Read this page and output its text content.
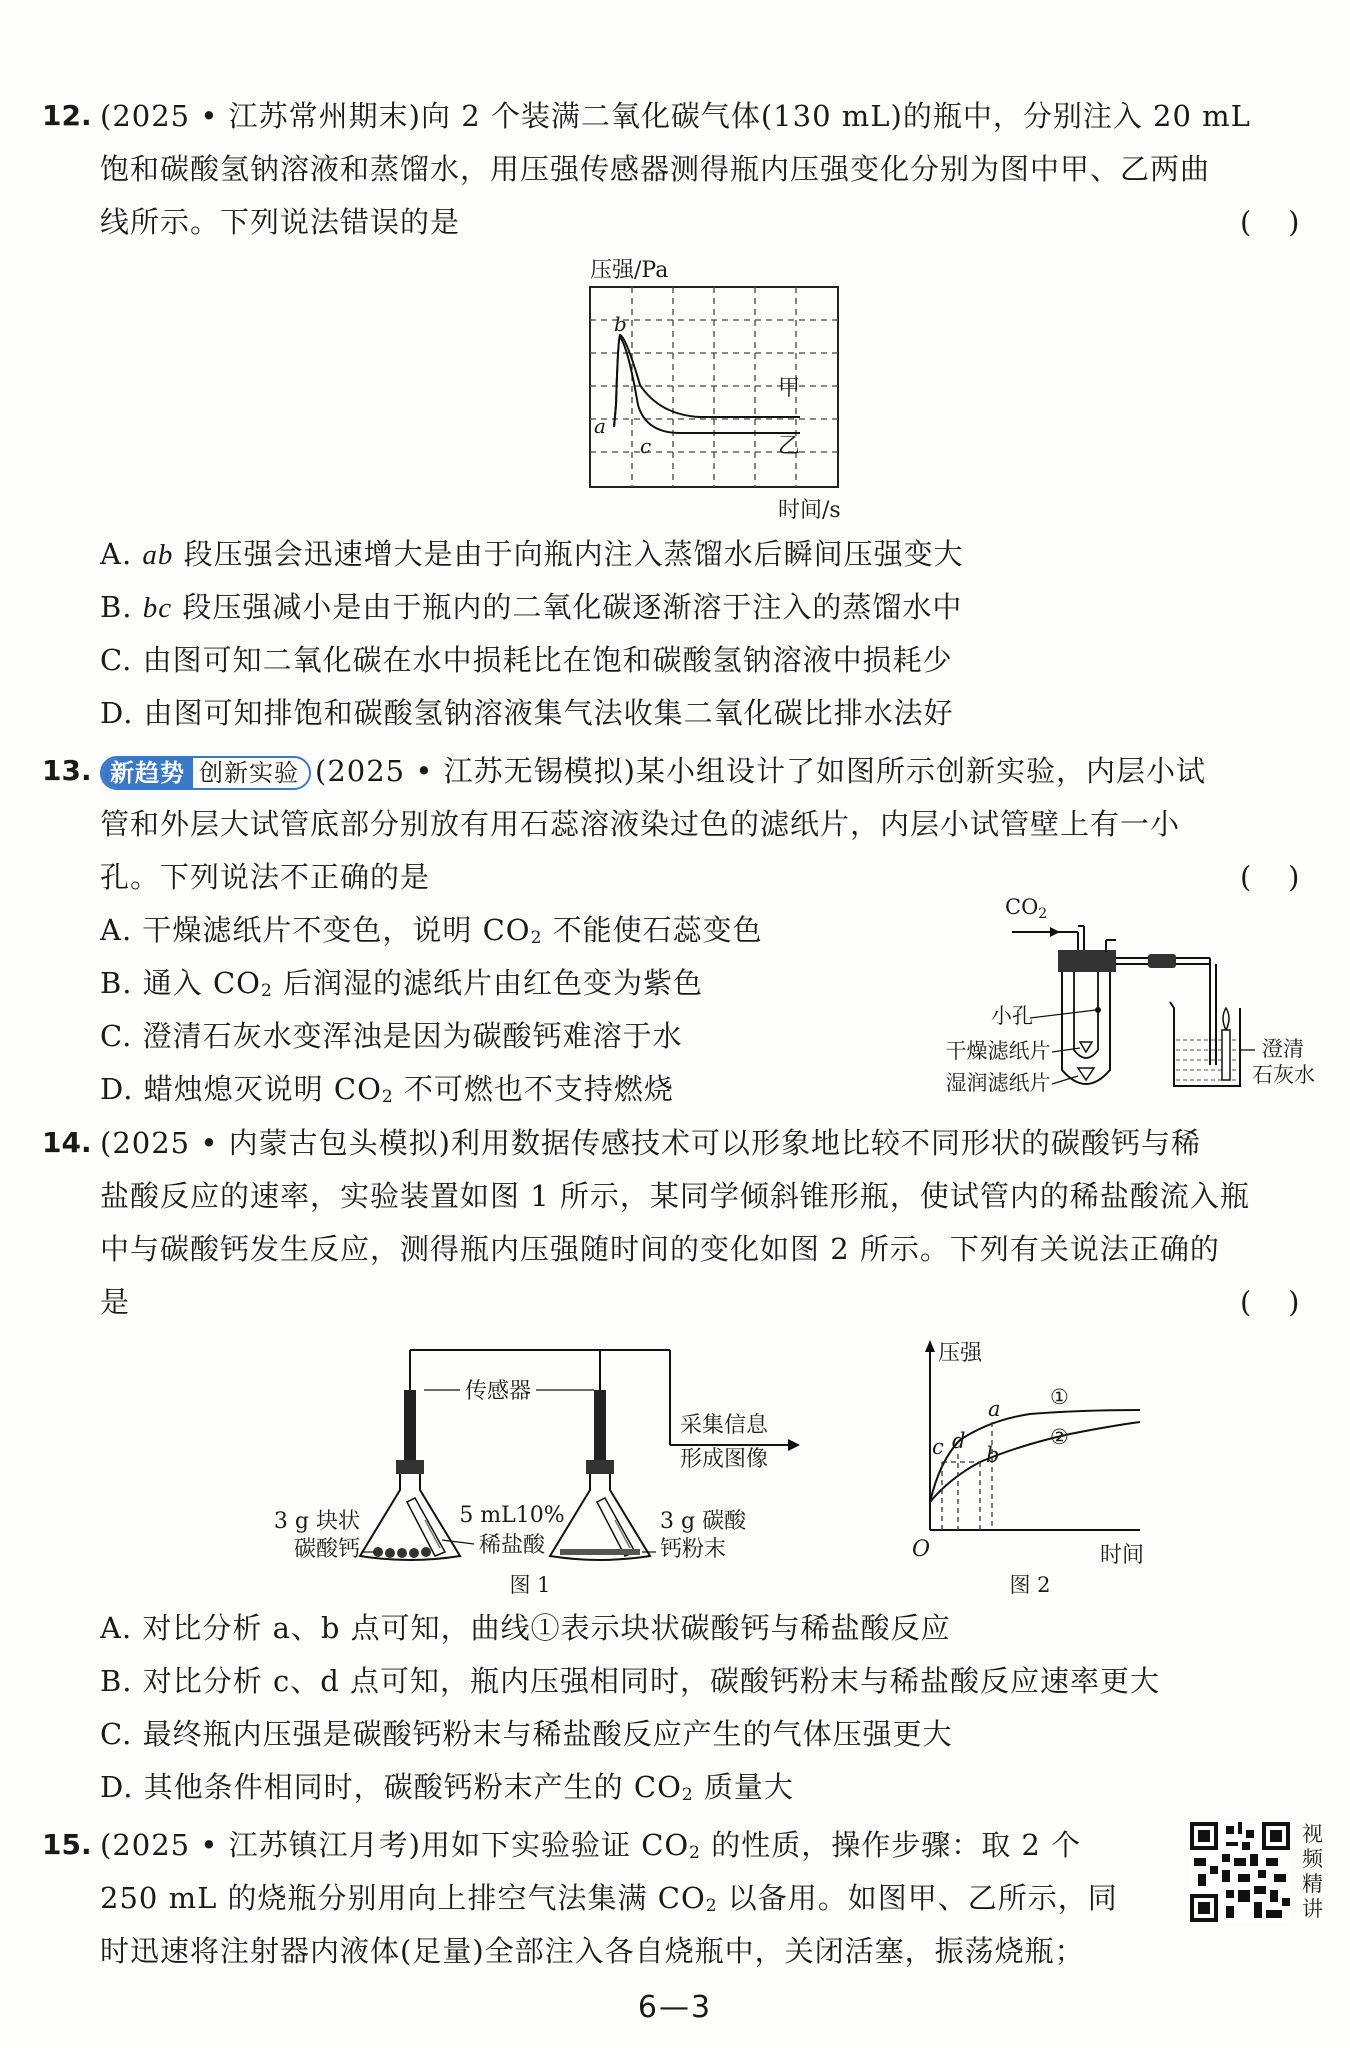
12. (2025 • 江苏常州期末)向 2 个装满二氧化碳气体(130 mL)的瓶中，分别注入 20 mL
饱和碳酸氢钠溶液和蒸馏水，用压强传感器测得瓶内压强变化分别为图中甲、乙两曲
线所示。下列说法错误的是	(    )
压强/Pa
b
a
c
甲
乙
时间/s
A. ab 段压强会迅速增大是由于向瓶内注入蒸馏水后瞬间压强变大
B. bc 段压强减小是由于瓶内的二氧化碳逐渐溶于注入的蒸馏水中
C. 由图可知二氧化碳在水中损耗比在饱和碳酸氢钠溶液中损耗少
D. 由图可知排饱和碳酸氢钠溶液集气法收集二氧化碳比排水法好
13. 新趋势 创新实验 (2025 • 江苏无锡模拟)某小组设计了如图所示创新实验，内层小试
管和外层大试管底部分别放有用石蕊溶液染过色的滤纸片，内层小试管壁上有一小
孔。下列说法不正确的是	(    )
A. 干燥滤纸片不变色，说明 $CO_2$ 不能使石蕊变色
B. 通入 $CO_2$ 后润湿的滤纸片由红色变为紫色
C. 澄清石灰水变浑浊是因为碳酸钙难溶于水
D. 蜡烛熄灭说明 $CO_2$ 不可燃也不支持燃烧
CO2
小孔
干燥滤纸片
湿润滤纸片
澄清
石灰水
14. (2025 • 内蒙古包头模拟)利用数据传感技术可以形象地比较不同形状的碳酸钙与稀
盐酸反应的速率，实验装置如图 1 所示，某同学倾斜锥形瓶，使试管内的稀盐酸流入瓶
中与碳酸钙发生反应，测得瓶内压强随时间的变化如图 2 所示。下列有关说法正确的
是	(    )
传感器
3 g 块状
碳酸钙
5 mL10%
稀盐酸
3 g 碳酸
钙粉末
采集信息
形成图像
图 1
压强
时间
O
a
b
c d
①
②
图 2
A. 对比分析 a、b 点可知，曲线①表示块状碳酸钙与稀盐酸反应
B. 对比分析 c、d 点可知，瓶内压强相同时，碳酸钙粉末与稀盐酸反应速率更大
C. 最终瓶内压强是碳酸钙粉末与稀盐酸反应产生的气体压强更大
D. 其他条件相同时，碳酸钙粉末产生的 $CO_2$ 质量大
15. (2025 • 江苏镇江月考)用如下实验验证 $CO_2$ 的性质，操作步骤：取 2 个
250 mL 的烧瓶分别用向上排空气法集满 $CO_2$ 以备用。如图甲、乙所示，同
时迅速将注射器内液体(足量)全部注入各自烧瓶中，关闭活塞，振荡烧瓶；
视频精讲
6—3
